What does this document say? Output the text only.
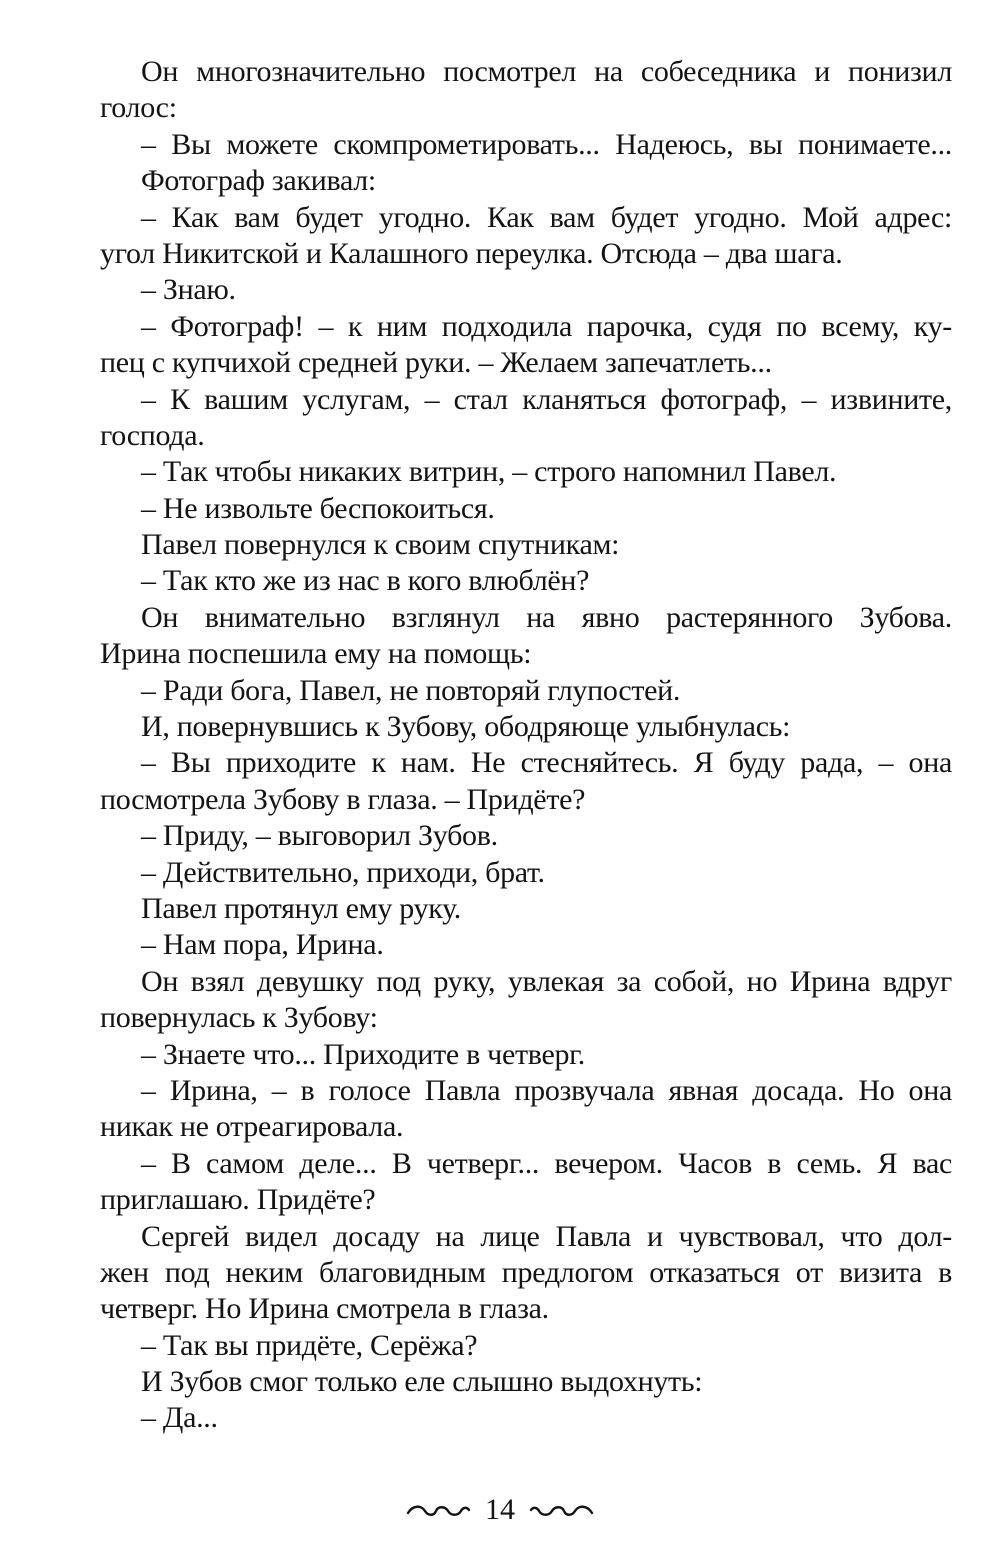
Он многозначительно посмотрел на собеседника и понизил
голос:
– Вы можете скомпрометировать... Надеюсь, вы понимаете...
Фотограф закивал:
– Как вам будет угодно. Как вам будет угодно. Мой адрес:
угол Никитской и Калашного переулка. Отсюда – два шага.
– Знаю.
– Фотограф! – к ним подходила парочка, судя по всему, ку-
пец с купчихой средней руки. – Желаем запечатлеть...
– К вашим услугам, – стал кланяться фотограф, – извините,
господа.
– Так чтобы никаких витрин, – строго напомнил Павел.
– Не извольте беспокоиться.
Павел повернулся к своим спутникам:
– Так кто же из нас в кого влюблён?
Он внимательно взглянул на явно растерянного Зубова.
Ирина поспешила ему на помощь:
– Ради бога, Павел, не повторяй глупостей.
И, повернувшись к Зубову, ободряюще улыбнулась:
– Вы приходите к нам. Не стесняйтесь. Я буду рада, – она
посмотрела Зубову в глаза. – Придёте?
– Приду, – выговорил Зубов.
– Действительно, приходи, брат.
Павел протянул ему руку.
– Нам пора, Ирина.
Он взял девушку под руку, увлекая за собой, но Ирина вдруг
повернулась к Зубову:
– Знаете что... Приходите в четверг.
– Ирина, – в голосе Павла прозвучала явная досада. Но она
никак не отреагировала.
– В самом деле... В четверг... вечером. Часов в семь. Я вас
приглашаю. Придёте?
Сергей видел досаду на лице Павла и чувствовал, что дол-
жен под неким благовидным предлогом отказаться от визита в
четверг. Но Ирина смотрела в глаза.
– Так вы придёте, Серёжа?
И Зубов смог только еле слышно выдохнуть:
– Да...
14
